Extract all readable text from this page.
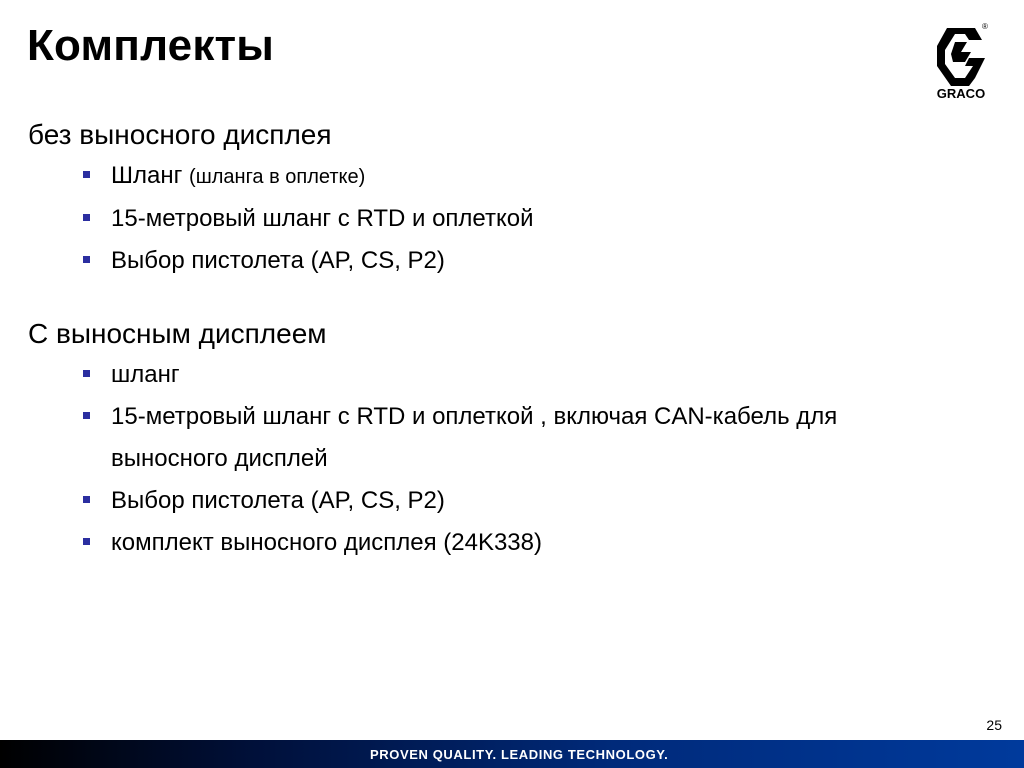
Комплекты	®
GRACO

без выносного дисплея

Шланг (шланга в оплетке)
15-метровый шланг с RTD и оплеткой
Выбор пистолета (AP, CS, P2)

С выносным дисплеем

шланг
15-метровый шланг с RTD и оплеткой , включая CAN-кабель для выносного дисплей
Выбор пистолета (AP, CS, P2)
комплект выносного дисплея (24K338)
25
PROVEN QUALITY. LEADING TECHNOLOGY.
